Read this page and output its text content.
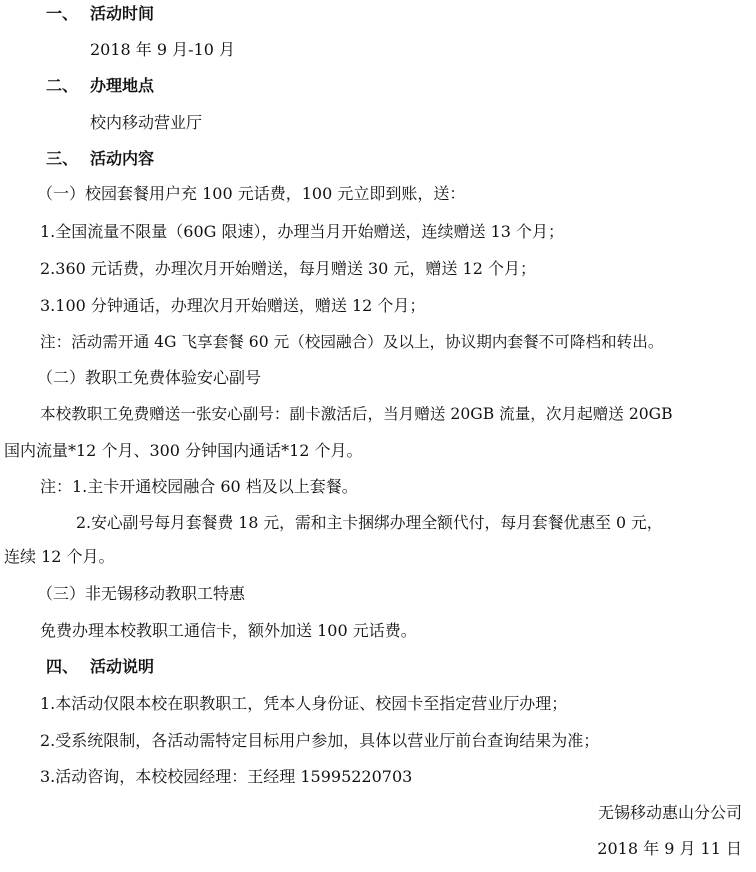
一、 活动时间
2018 年 9 月-10 月
二、 办理地点
校内移动营业厅
三、 活动内容
（一）校园套餐用户充 100 元话费，100 元立即到账，送：
1.全国流量不限量（60G 限速），办理当月开始赠送，连续赠送 13 个月；
2.360 元话费，办理次月开始赠送，每月赠送 30 元，赠送 12 个月；
3.100 分钟通话，办理次月开始赠送，赠送 12 个月；
注：活动需开通 4G 飞享套餐 60 元（校园融合）及以上，协议期内套餐不可降档和转出。
（二）教职工免费体验安心副号
本校教职工免费赠送一张安心副号：副卡激活后，当月赠送 20GB 流量，次月起赠送 20GB
国内流量*12 个月、300 分钟国内通话*12 个月。
注：1.主卡开通校园融合 60 档及以上套餐。
2.安心副号每月套餐费 18 元，需和主卡捆绑办理全额代付，每月套餐优惠至 0 元，
连续 12 个月。
（三）非无锡移动教职工特惠
免费办理本校教职工通信卡，额外加送 100 元话费。
四、 活动说明
1.本活动仅限本校在职教职工，凭本人身份证、校园卡至指定营业厅办理；
2.受系统限制，各活动需特定目标用户参加，具体以营业厅前台查询结果为准；
3.活动咨询，本校校园经理：王经理 15995220703
无锡移动惠山分公司
2018 年 9 月 11 日
